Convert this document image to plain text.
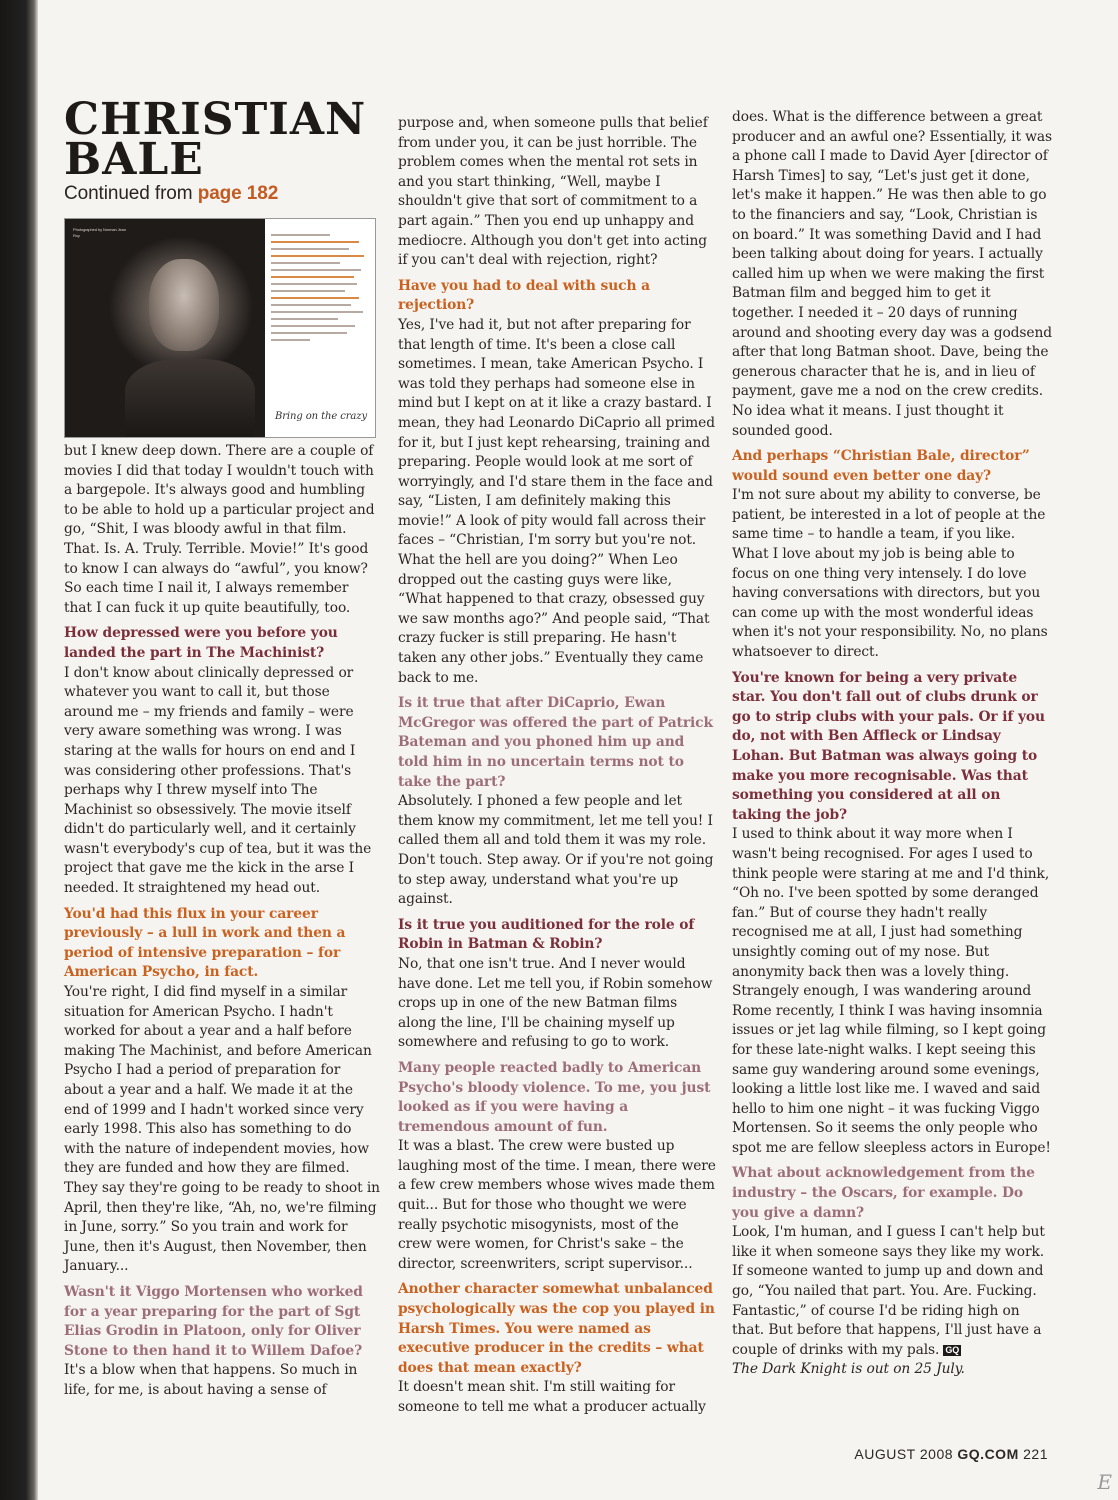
CHRISTIAN BALE
Continued from page 182
Photographed by Norman Jean Roy
Bring on the crazy

but I knew deep down. There are a couple of movies I did that today I wouldn't touch with a bargepole. It's always good and humbling to be able to hold up a particular project and go, “Shit, I was bloody awful in that film. That. Is. A. Truly. Terrible. Movie!” It's good to know I can always do “awful”, you know? So each time I nail it, I always remember that I can fuck it up quite beautifully, too.

How depressed were you before you landed the part in The Machinist?

I don't know about clinically depressed or whatever you want to call it, but those around me – my friends and family – were very aware something was wrong. I was staring at the walls for hours on end and I was considering other professions. That's perhaps why I threw myself into The Machinist so obsessively. The movie itself didn't do particularly well, and it certainly wasn't everybody's cup of tea, but it was the project that gave me the kick in the arse I needed. It straightened my head out.

You'd had this flux in your career previously – a lull in work and then a period of intensive preparation – for American Psycho, in fact.

You're right, I did find myself in a similar situation for American Psycho. I hadn't worked for about a year and a half before making The Machinist, and before American Psycho I had a period of preparation for about a year and a half. We made it at the end of 1999 and I hadn't worked since very early 1998. This also has something to do with the nature of independent movies, how they are funded and how they are filmed. They say they're going to be ready to shoot in April, then they're like, “Ah, no, we're filming in June, sorry.” So you train and work for June, then it's August, then November, then January...

Wasn't it Viggo Mortensen who worked for a year preparing for the part of Sgt Elias Grodin in Platoon, only for Oliver Stone to then hand it to Willem Dafoe?

It's a blow when that happens. So much in life, for me, is about having a sense of

purpose and, when someone pulls that belief from under you, it can be just horrible. The problem comes when the mental rot sets in and you start thinking, “Well, maybe I shouldn't give that sort of commitment to a part again.” Then you end up unhappy and mediocre. Although you don't get into acting if you can't deal with rejection, right?

Have you had to deal with such a rejection?

Yes, I've had it, but not after preparing for that length of time. It's been a close call sometimes. I mean, take American Psycho. I was told they perhaps had someone else in mind but I kept on at it like a crazy bastard. I mean, they had Leonardo DiCaprio all primed for it, but I just kept rehearsing, training and preparing. People would look at me sort of worryingly, and I'd stare them in the face and say, “Listen, I am definitely making this movie!” A look of pity would fall across their faces – “Christian, I'm sorry but you're not. What the hell are you doing?” When Leo dropped out the casting guys were like, “What happened to that crazy, obsessed guy we saw months ago?” And people said, “That crazy fucker is still preparing. He hasn't taken any other jobs.” Eventually they came back to me.

Is it true that after DiCaprio, Ewan McGregor was offered the part of Patrick Bateman and you phoned him up and told him in no uncertain terms not to take the part?

Absolutely. I phoned a few people and let them know my commitment, let me tell you! I called them all and told them it was my role. Don't touch. Step away. Or if you're not going to step away, understand what you're up against.

Is it true you auditioned for the role of Robin in Batman & Robin?

No, that one isn't true. And I never would have done. Let me tell you, if Robin somehow crops up in one of the new Batman films along the line, I'll be chaining myself up somewhere and refusing to go to work.

Many people reacted badly to American Psycho's bloody violence. To me, you just looked as if you were having a tremendous amount of fun.

It was a blast. The crew were busted up laughing most of the time. I mean, there were a few crew members whose wives made them quit... But for those who thought we were really psychotic misogynists, most of the crew were women, for Christ's sake – the director, screenwriters, script supervisor...

Another character somewhat unbalanced psychologically was the cop you played in Harsh Times. You were named as executive producer in the credits – what does that mean exactly?

It doesn't mean shit. I'm still waiting for someone to tell me what a producer actually

does. What is the difference between a great producer and an awful one? Essentially, it was a phone call I made to David Ayer [director of Harsh Times] to say, “Let's just get it done, let's make it happen.” He was then able to go to the financiers and say, “Look, Christian is on board.” It was something David and I had been talking about doing for years. I actually called him up when we were making the first Batman film and begged him to get it together. I needed it – 20 days of running around and shooting every day was a godsend after that long Batman shoot. Dave, being the generous character that he is, and in lieu of payment, gave me a nod on the crew credits. No idea what it means. I just thought it sounded good.

And perhaps “Christian Bale, director” would sound even better one day?

I'm not sure about my ability to converse, be patient, be interested in a lot of people at the same time – to handle a team, if you like. What I love about my job is being able to focus on one thing very intensely. I do love having conversations with directors, but you can come up with the most wonderful ideas when it's not your responsibility. No, no plans whatsoever to direct.

You're known for being a very private star. You don't fall out of clubs drunk or go to strip clubs with your pals. Or if you do, not with Ben Affleck or Lindsay Lohan. But Batman was always going to make you more recognisable. Was that something you considered at all on taking the job?

I used to think about it way more when I wasn't being recognised. For ages I used to think people were staring at me and I'd think, “Oh no. I've been spotted by some deranged fan.” But of course they hadn't really recognised me at all, I just had something unsightly coming out of my nose. But anonymity back then was a lovely thing. Strangely enough, I was wandering around Rome recently, I think I was having insomnia issues or jet lag while filming, so I kept going for these late-night walks. I kept seeing this same guy wandering around some evenings, looking a little lost like me. I waved and said hello to him one night – it was fucking Viggo Mortensen. So it seems the only people who spot me are fellow sleepless actors in Europe!

What about acknowledgement from the industry – the Oscars, for example. Do you give a damn?

Look, I'm human, and I guess I can't help but like it when someone says they like my work. If someone wanted to jump up and down and go, “You nailed that part. You. Are. Fucking. Fantastic,” of course I'd be riding high on that. But before that happens, I'll just have a couple of drinks with my pals. GQ

The Dark Knight is out on 25 July.

AUGUST 2008 GQ.COM 221
E
